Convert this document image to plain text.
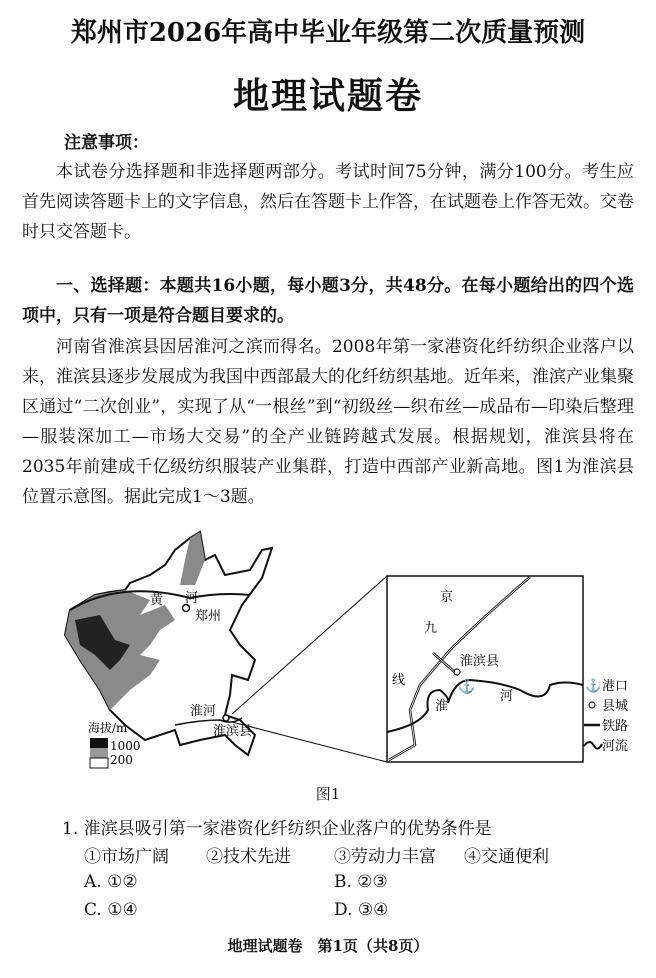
郑州市2026年高中毕业年级第二次质量预测
地理试题卷
注意事项：
本试卷分选择题和非选择题两部分。考试时间75分钟，满分100分。考生应首先阅读答题卡上的文字信息，然后在答题卡上作答，在试题卷上作答无效。交卷时只交答题卡。
一、选择题：本题共16小题，每小题3分，共48分。在每小题给出的四个选项中，只有一项是符合题目要求的。
河南省淮滨县因居淮河之滨而得名。2008年第一家港资化纤纺织企业落户以来，淮滨县逐步发展成为我国中西部最大的化纤纺织基地。近年来，淮滨产业集聚区通过“二次创业”，实现了从“一根丝”到“初级丝—织布丝—成品布—印染后整理—服装深加工—市场大交易”的全产业链跨越式发展。根据规划，淮滨县将在2035年前建成千亿级纺织服装产业集群，打造中西部产业新高地。图1为淮滨县位置示意图。据此完成1～3题。
黄 河
郑州
淮河
淮滨县
海拔/m
1000
200
⚓
京
九
线
淮滨县
淮
河
⚓ 港口
县城
铁路
河流
图1
1. 淮滨县吸引第一家港资化纤纺织企业落户的优势条件是
①市场广阔 ②技术先进	③劳动力丰富 ④交通便利
A. ①②	B. ②③
C. ①④	D. ③④
地理试题卷　第1页（共8页）
